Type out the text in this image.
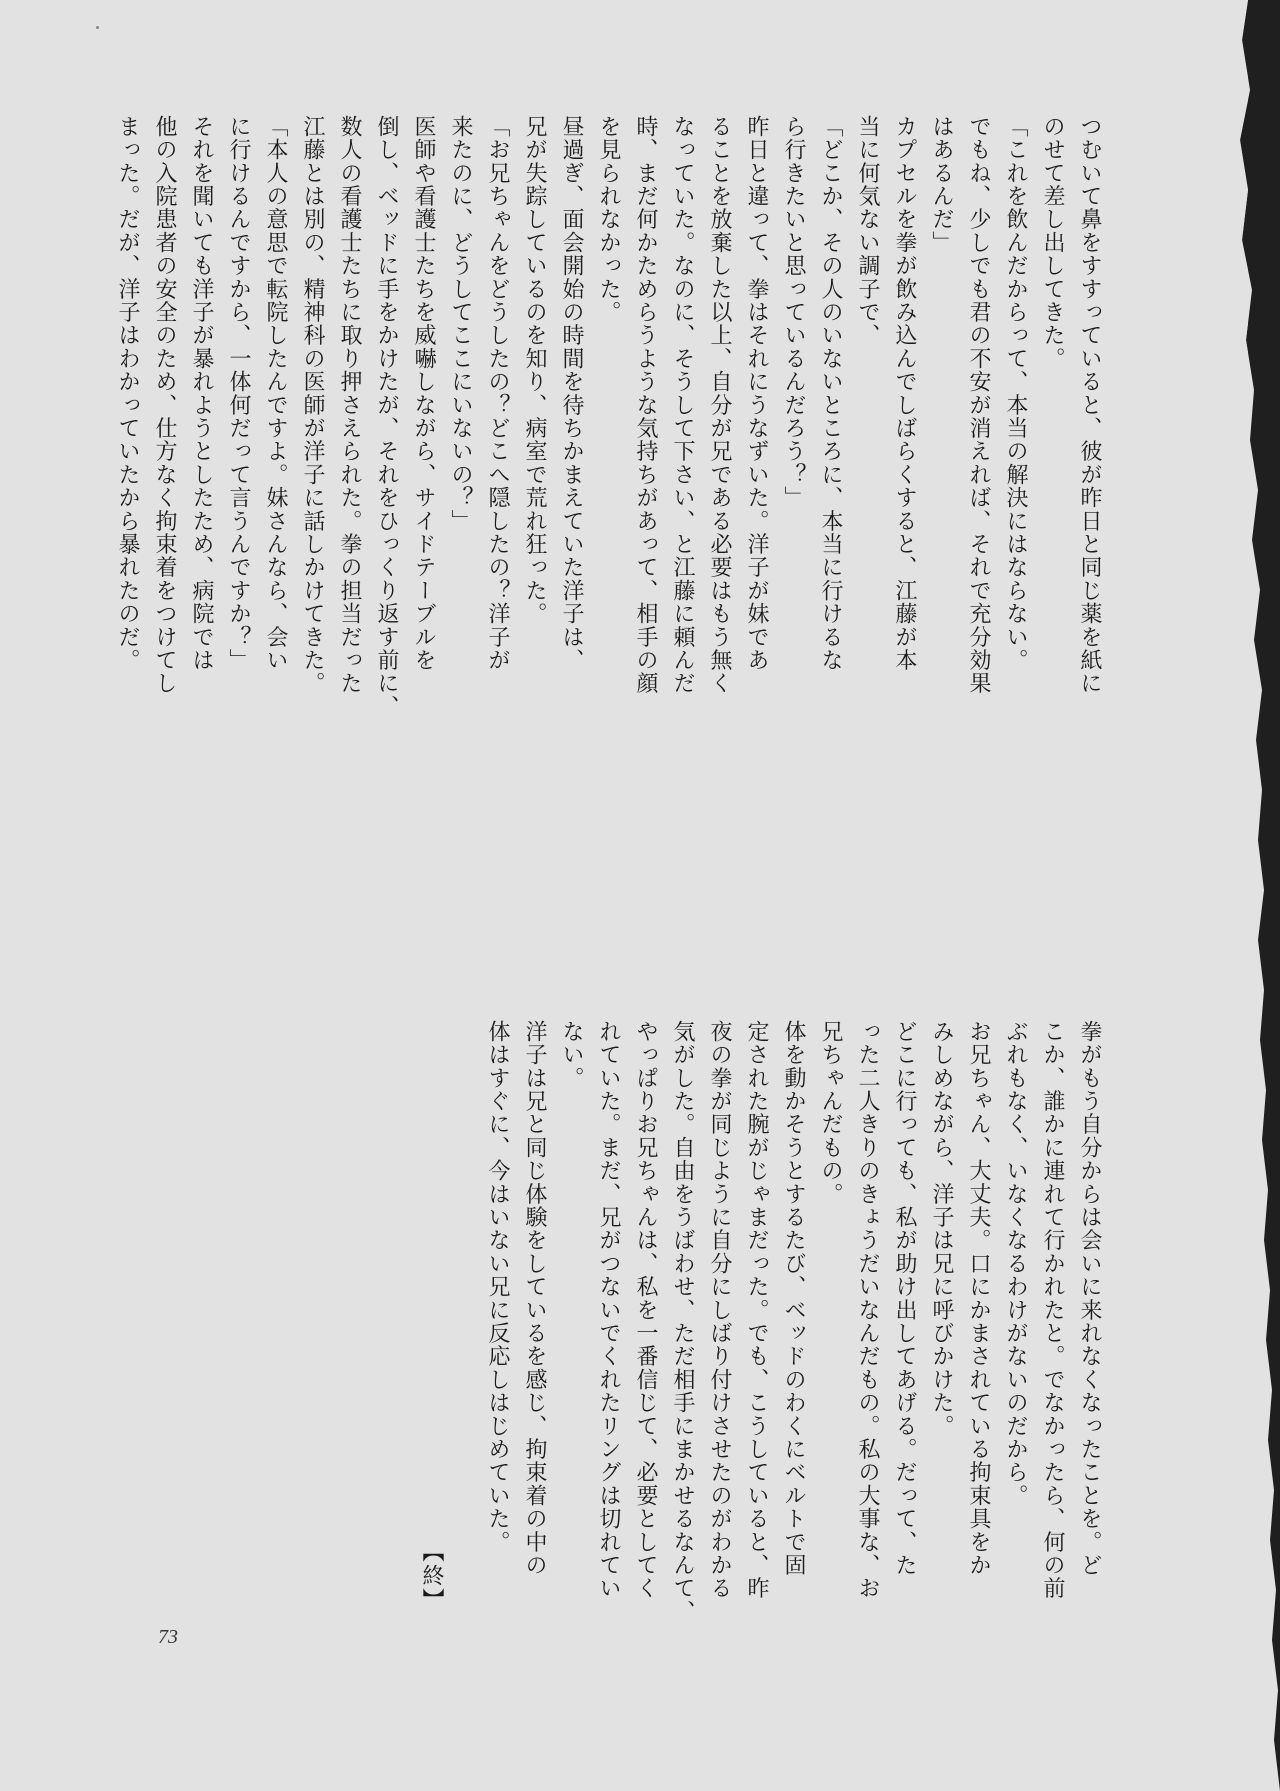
つむいて鼻をすすっていると、彼が昨日と同じ薬を紙に
のせて差し出してきた。
「これを飲んだからって、本当の解決にはならない。
でもね、少しでも君の不安が消えれば、それで充分効果
はあるんだ」
カプセルを拳が飲み込んでしばらくすると、江藤が本
当に何気ない調子で、
「どこか、その人のいないところに、本当に行けるな
ら行きたいと思っているんだろう？」
昨日と違って、拳はそれにうなずいた。洋子が妹であ
ることを放棄した以上、自分が兄である必要はもう無く
なっていた。なのに、そうして下さい、と江藤に頼んだ
時、まだ何かためらうような気持ちがあって、相手の顔
を見られなかった。
昼過ぎ、面会開始の時間を待ちかまえていた洋子は、
兄が失踪しているのを知り、病室で荒れ狂った。
「お兄ちゃんをどうしたの？どこへ隠したの？洋子が
来たのに、どうしてここにいないの？」
医師や看護士たちを威嚇しながら、サイドテーブルを
倒し、ベッドに手をかけたが、それをひっくり返す前に、
数人の看護士たちに取り押さえられた。拳の担当だった
江藤とは別の、精神科の医師が洋子に話しかけてきた。
「本人の意思で転院したんですよ。妹さんなら、会い
に行けるんですから、一体何だって言うんですか？」
それを聞いても洋子が暴れようとしたため、病院では
他の入院患者の安全のため、仕方なく拘束着をつけてし
まった。だが、洋子はわかっていたから暴れたのだ。
拳がもう自分からは会いに来れなくなったことを。ど
こか、誰かに連れて行かれたと。でなかったら、何の前
ぶれもなく、いなくなるわけがないのだから。
お兄ちゃん、大丈夫。口にかまされている拘束具をか
みしめながら、洋子は兄に呼びかけた。
どこに行っても、私が助け出してあげる。だって、た
った二人きりのきょうだいなんだもの。私の大事な、お
兄ちゃんだもの。
体を動かそうとするたび、ベッドのわくにベルトで固
定された腕がじゃまだった。でも、こうしていると、昨
夜の拳が同じように自分にしばり付けさせたのがわかる
気がした。自由をうばわせ、ただ相手にまかせるなんて、
やっぱりお兄ちゃんは、私を一番信じて、必要としてく
れていた。まだ、兄がつないでくれたリングは切れてい
ない。
洋子は兄と同じ体験をしているを感じ、拘束着の中の
体はすぐに、今はいない兄に反応しはじめていた。
【終】
73
